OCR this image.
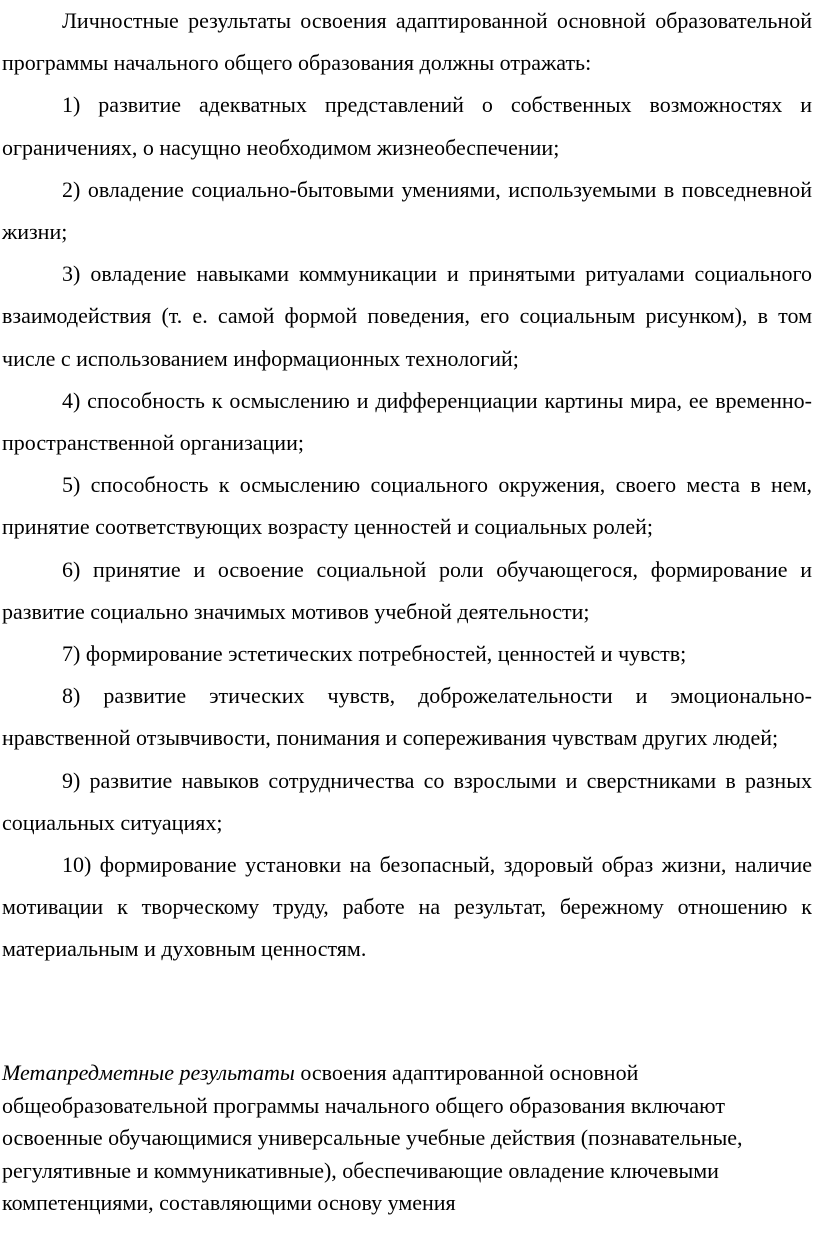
Личностные результаты освоения адаптированной основной образовательной программы начального общего образования должны отражать:

1) развитие адекватных представлений о собственных возможностях и ограничениях, о насущно необходимом жизнеобеспечении;

2) овладение социально-бытовыми умениями, используемыми в повседневной жизни;

3) овладение навыками коммуникации и принятыми ритуалами социального взаимодействия (т. е. самой формой поведения, его социальным рисунком), в том числе с использованием информационных технологий;

4) способность к осмыслению и дифференциации картины мира, ее временно-пространственной организации;

5) способность к осмыслению социального окружения, своего места в нем, принятие соответствующих возрасту ценностей и социальных ролей;

6) принятие и освоение социальной роли обучающегося, формирование и развитие социально значимых мотивов учебной деятельности;

7) формирование эстетических потребностей, ценностей и чувств;

8) развитие этических чувств, доброжелательности и эмоционально-нравственной отзывчивости, понимания и сопереживания чувствам других людей;

9) развитие навыков сотрудничества со взрослыми и сверстниками в разных социальных ситуациях;

10) формирование установки на безопасный, здоровый образ жизни, наличие мотивации к творческому труду, работе на результат, бережному отношению к материальным и духовным ценностям.

Метапредметные результаты освоения адаптированной основной общеобразовательной программы начального общего образования включают освоенные обучающимися универсальные учебные действия (познавательные, регулятивные и коммуникативные), обеспечивающие овладение ключевыми компетенциями, составляющими основу умения
